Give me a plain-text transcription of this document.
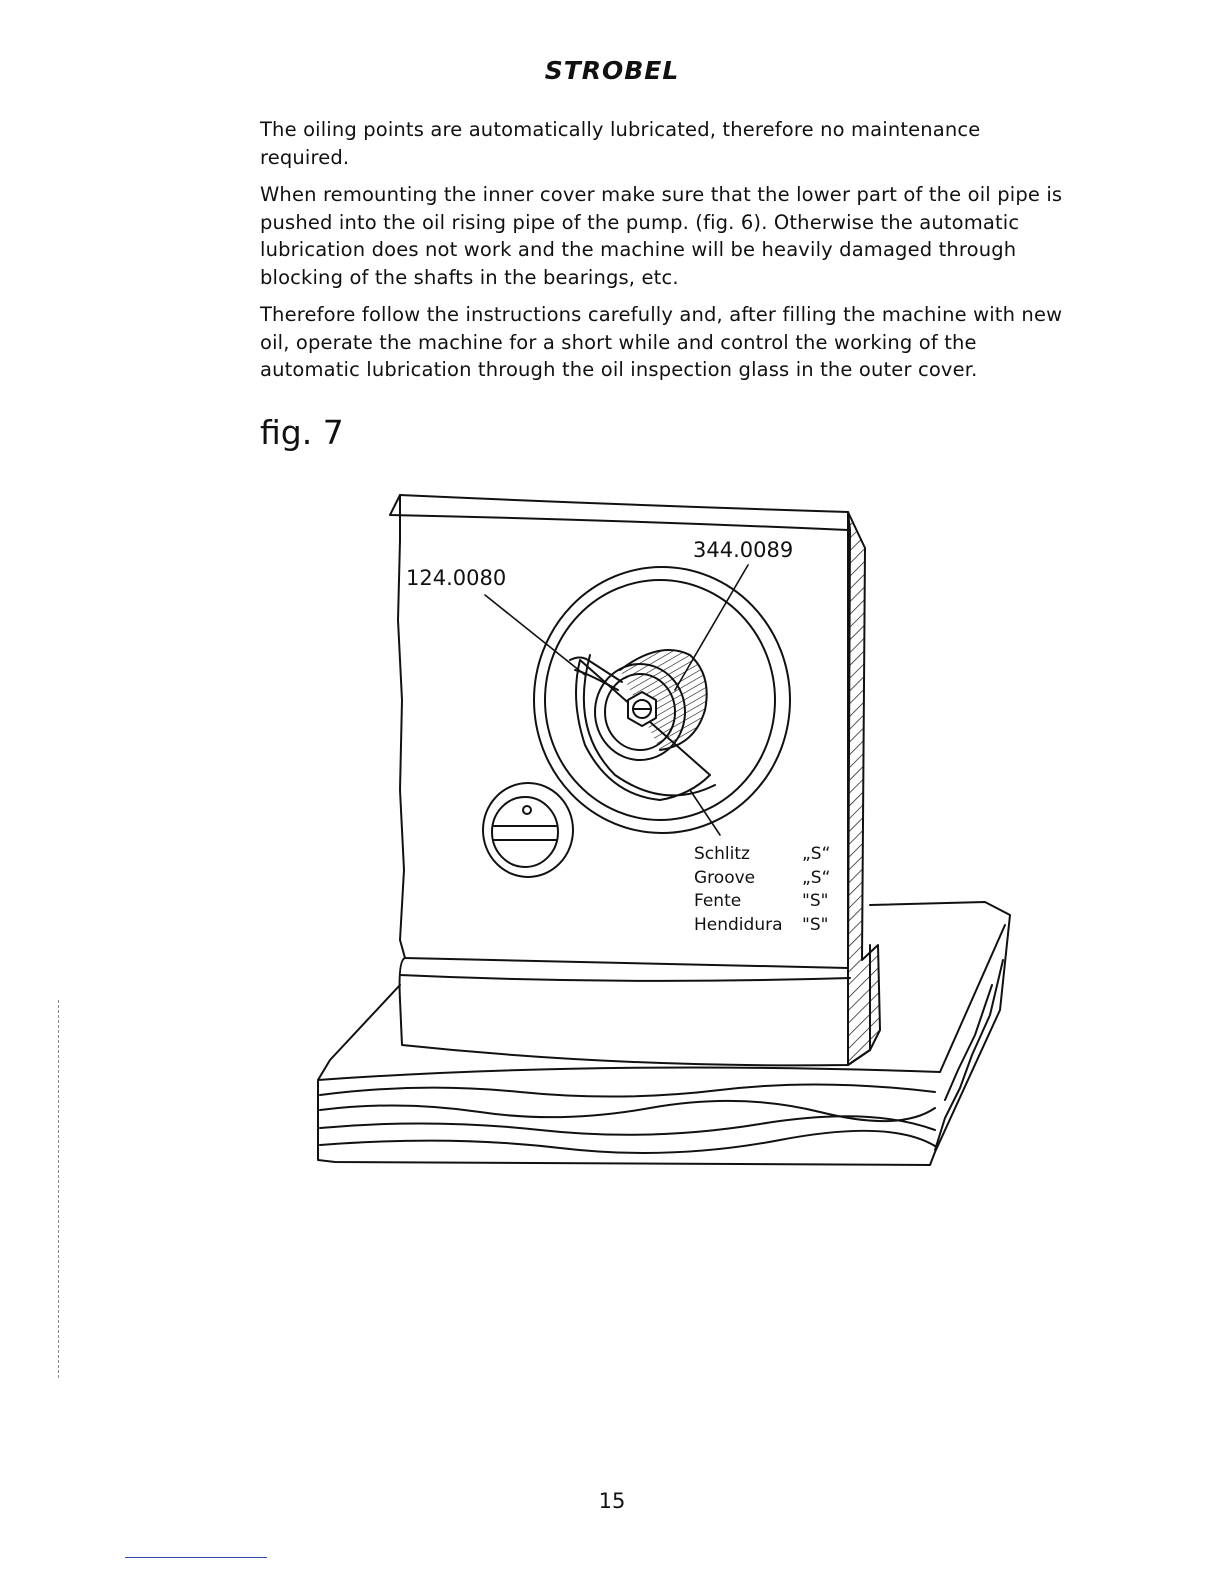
STROBEL

The oiling points are automatically lubricated, therefore no maintenance required.

When remounting the inner cover make sure that the lower part of the oil pipe is pushed into the oil rising pipe of the pump. (fig. 6). Otherwise the automatic lubrication does not work and the machine will be heavily damaged through blocking of the shafts in the bearings, etc.

Therefore follow the instructions carefully and, after filling the machine with new oil, operate the machine for a short while and control the working of the automatic lubrication through the oil inspection glass in the outer cover.

fig. 7
124.0080
344.0089
Schlitz	„S“
Groove	„S“
Fente	"S"
Hendidura	"S"
15
